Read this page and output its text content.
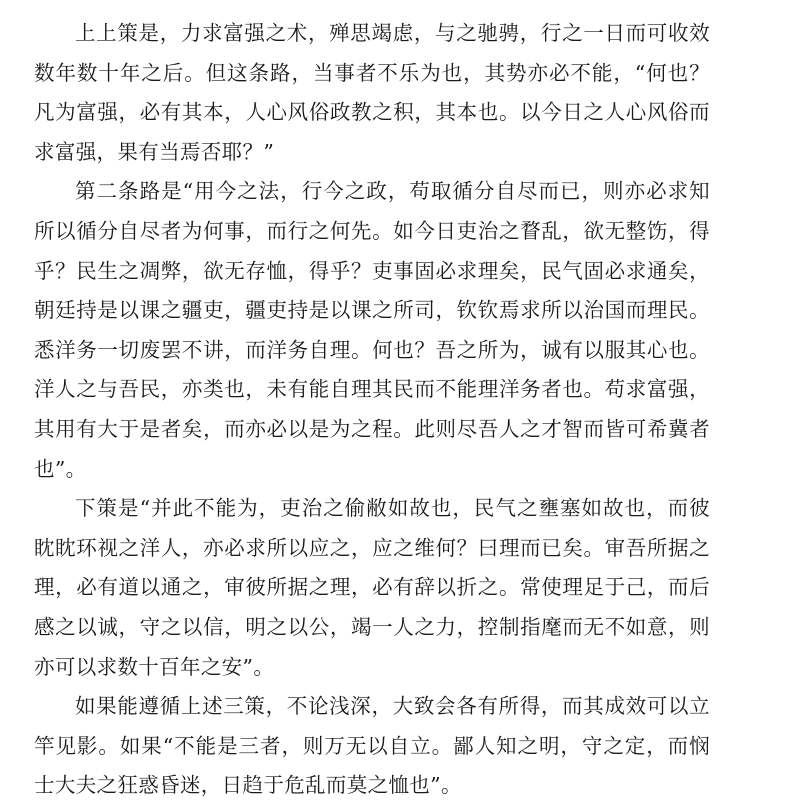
上上策是，力求富强之术，殚思竭虑，与之驰骋，行之一日而可收效数年数十年之后。但这条路，当事者不乐为也，其势亦必不能，“何也？凡为富强，必有其本，人心风俗政教之积，其本也。以今日之人心风俗而求富强，果有当焉否耶？”

第二条路是“用今之法，行今之政，苟取循分自尽而已，则亦必求知所以循分自尽者为何事，而行之何先。如今日吏治之瞀乱，欲无整饬，得乎？民生之凋弊，欲无存恤，得乎？吏事固必求理矣，民气固必求通矣，朝廷持是以课之疆吏，疆吏持是以课之所司，钦钦焉求所以治国而理民。悉洋务一切废罢不讲，而洋务自理。何也？吾之所为，诚有以服其心也。洋人之与吾民，亦类也，未有能自理其民而不能理洋务者也。苟求富强，其用有大于是者矣，而亦必以是为之程。此则尽吾人之才智而皆可希冀者也”。

下策是“并此不能为，吏治之偷敝如故也，民气之壅塞如故也，而彼眈眈环视之洋人，亦必求所以应之，应之维何？曰理而已矣。审吾所据之理，必有道以通之，审彼所据之理，必有辞以折之。常使理足于己，而后感之以诚，守之以信，明之以公，竭一人之力，控制指麾而无不如意，则亦可以求数十百年之安”。

如果能遵循上述三策，不论浅深，大致会各有所得，而其成效可以立竿见影。如果“不能是三者，则万无以自立。鄙人知之明，守之定，而悯士大夫之狂惑昏迷，日趋于危乱而莫之恤也”。
